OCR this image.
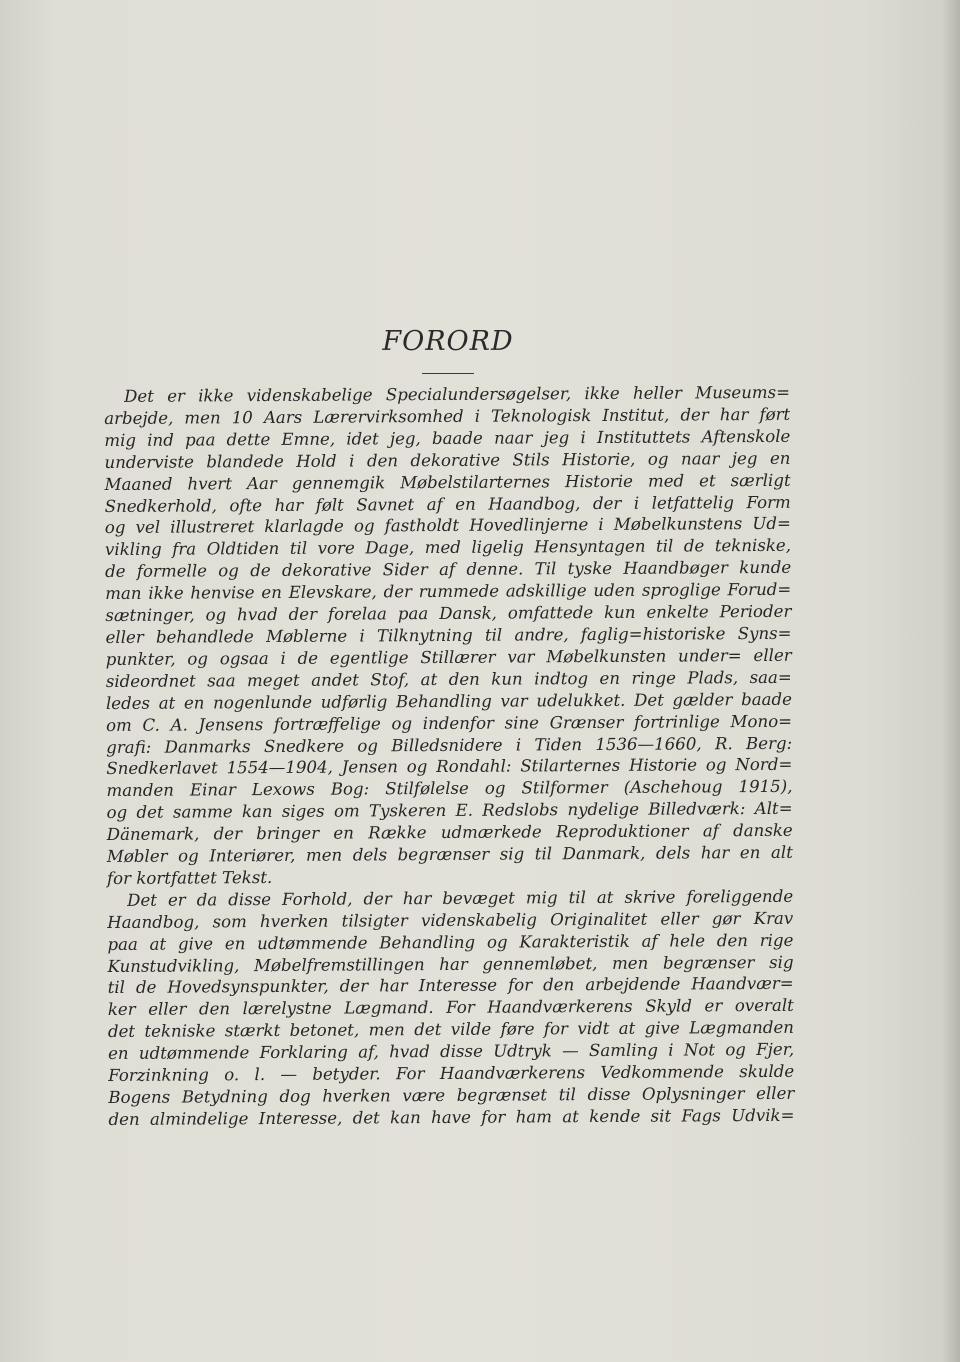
FORORD
Det er ikke videnskabelige Specialundersøgelser, ikke heller Museums=
arbejde, men 10 Aars Lærervirksomhed i Teknologisk Institut, der har ført
mig ind paa dette Emne, idet jeg, baade naar jeg i Instituttets Aftenskole
underviste blandede Hold i den dekorative Stils Historie, og naar jeg en
Maaned hvert Aar gennemgik Møbelstilarternes Historie med et særligt
Snedkerhold, ofte har følt Savnet af en Haandbog, der i letfattelig Form
og vel illustreret klarlagde og fastholdt Hovedlinjerne i Møbelkunstens Ud=
vikling fra Oldtiden til vore Dage, med ligelig Hensyntagen til de tekniske,
de formelle og de dekorative Sider af denne. Til tyske Haandbøger kunde
man ikke henvise en Elevskare, der rummede adskillige uden sproglige Forud=
sætninger, og hvad der forelaa paa Dansk, omfattede kun enkelte Perioder
eller behandlede Møblerne i Tilknytning til andre, faglig=historiske Syns=
punkter, og ogsaa i de egentlige Stillærer var Møbelkunsten under= eller
sideordnet saa meget andet Stof, at den kun indtog en ringe Plads, saa=
ledes at en nogenlunde udførlig Behandling var udelukket. Det gælder baade
om C. A. Jensens fortræffelige og indenfor sine Grænser fortrinlige Mono=
grafi: Danmarks Snedkere og Billedsnidere i Tiden 1536—1660, R. Berg:
Snedkerlavet 1554—1904, Jensen og Rondahl: Stilarternes Historie og Nord=
manden Einar Lexows Bog: Stilfølelse og Stilformer (Aschehoug 1915),
og det samme kan siges om Tyskeren E. Redslobs nydelige Billedværk: Alt=
Dänemark, der bringer en Række udmærkede Reproduktioner af danske
Møbler og Interiører, men dels begrænser sig til Danmark, dels har en alt
for kortfattet Tekst.
Det er da disse Forhold, der har bevæget mig til at skrive foreliggende
Haandbog, som hverken tilsigter videnskabelig Originalitet eller gør Krav
paa at give en udtømmende Behandling og Karakteristik af hele den rige
Kunstudvikling, Møbelfremstillingen har gennemløbet, men begrænser sig
til de Hovedsynspunkter, der har Interesse for den arbejdende Haandvær=
ker eller den lærelystne Lægmand. For Haandværkerens Skyld er overalt
det tekniske stærkt betonet, men det vilde føre for vidt at give Lægmanden
en udtømmende Forklaring af, hvad disse Udtryk — Samling i Not og Fjer,
Forzinkning o. l. — betyder. For Haandværkerens Vedkommende skulde
Bogens Betydning dog hverken være begrænset til disse Oplysninger eller
den almindelige Interesse, det kan have for ham at kende sit Fags Udvik=
